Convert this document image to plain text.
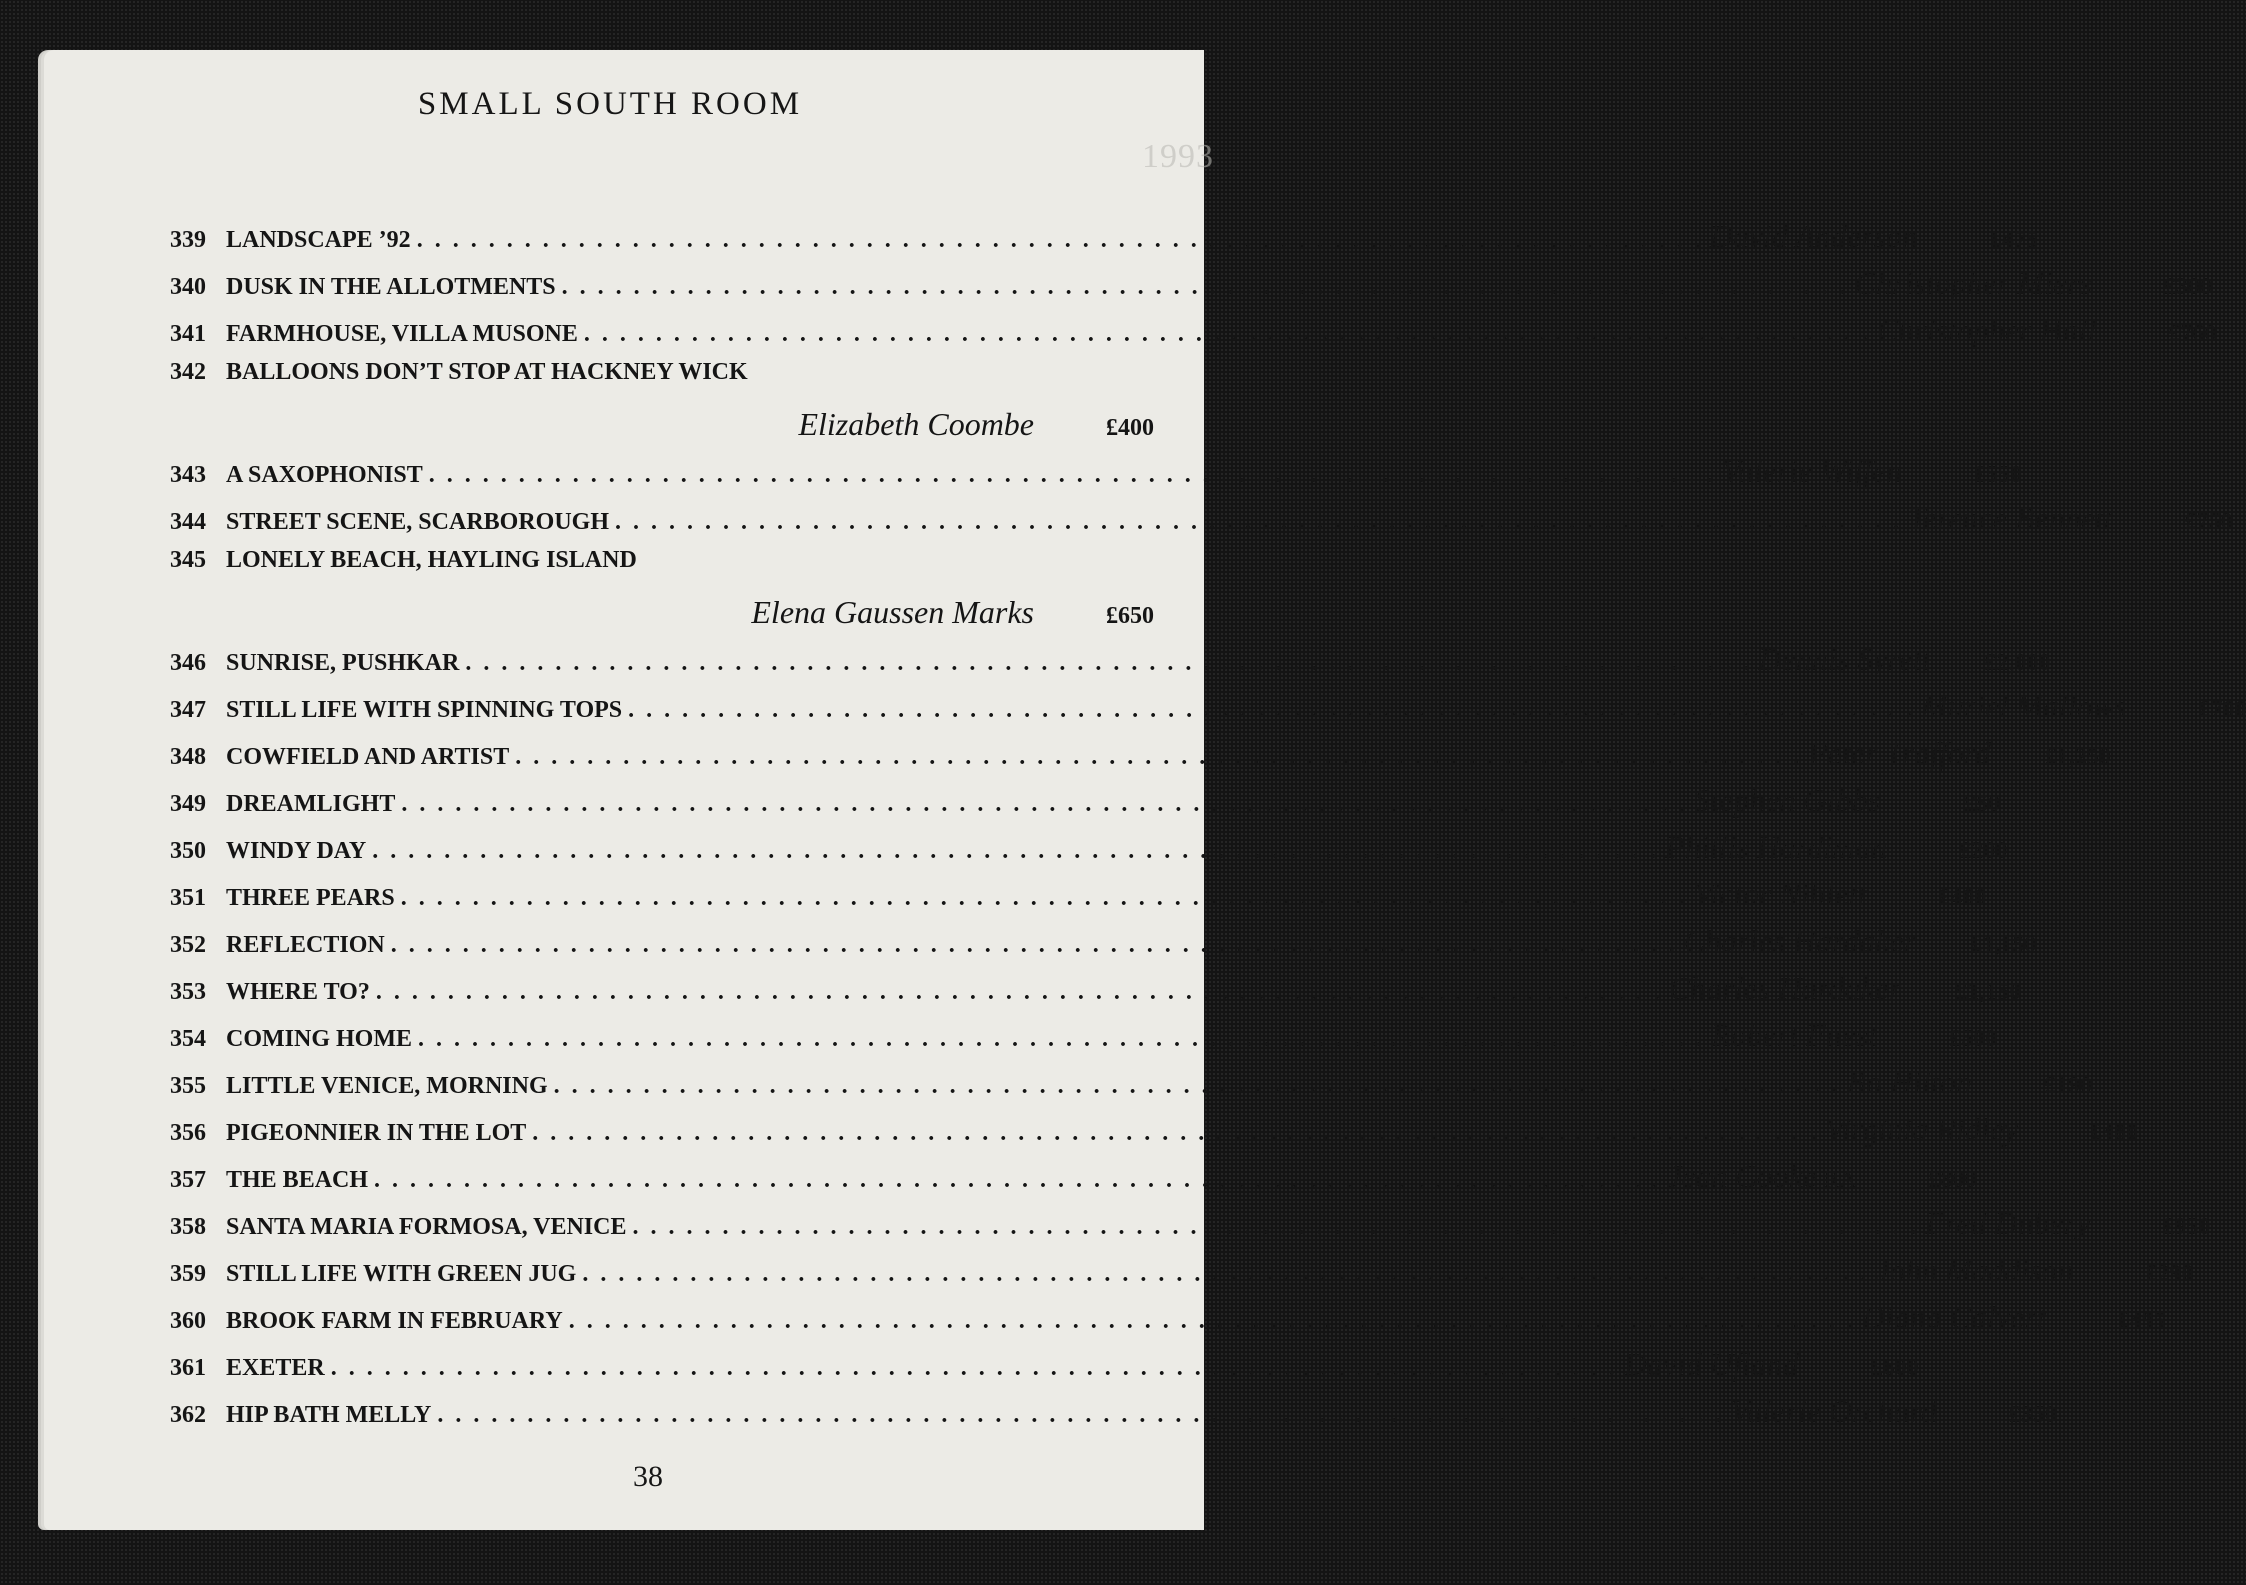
1993
SMALL SOUTH ROOM
339 LANDSCAPE ’92 . . .	David Anderson	£475
340 DUSK IN THE ALLOTMENTS . . .	Christopher Miers	£300
341 FARMHOUSE, VILLA MUSONE . . .	Christopher Hall	£760
342 BALLOONS DON’T STOP AT HACKNEY WICK
Elizabeth Coombe	£400
343 A SAXOPHONIST . . .	Valerie Wiffen	£550
344 STREET SCENE, SCARBOROUGH . . .	Terence Bennett	£750
345 LONELY BEACH, HAYLING ISLAND
Elena Gaussen Marks	£650
346 SUNRISE, PUSHKAR . . .	Dennis Syrett	£2,000
347 STILL LIFE WITH SPINNING TOPS . . .	Muriel Mallows	£700
348 COWFIELD AND ARTIST . . .	Peter Trafford	£1,250
349 DREAMLIGHT . . .	Stephen Gibbs	£50
350 WINDY DAY . . .	Phillis Hardiman	£200
351 THREE PEARS . . .	Victor Niblett	£400
352 REFLECTION . . .	Charles Hardaker	£1,150
353 WHERE TO? . . .	Charles Hardaker	£1,150
354 COMING HOME . . .	Robert Fuest	£500
355 LITTLE VENICE, MORNING . . .	Bo Hilton	£190
356 PIGEONNIER IN THE LOT . . .	Virginia Ridley	£480
357 THE BEACH . . .	Jean Cooke RA	£800
358 SANTA MARIA FORMOSA, VENICE . . .	Fred Dubery	£950
359 STILL LIFE WITH GREEN JUG . . .	John Maddison	£290
360 BROOK FARM IN FEBRUARY . . .	Diana Calvert	£495
361 EXETER . . .	David Ufland	£600
362 HIP BATH MELLY . . .	Valerie Orchard	£350
38
